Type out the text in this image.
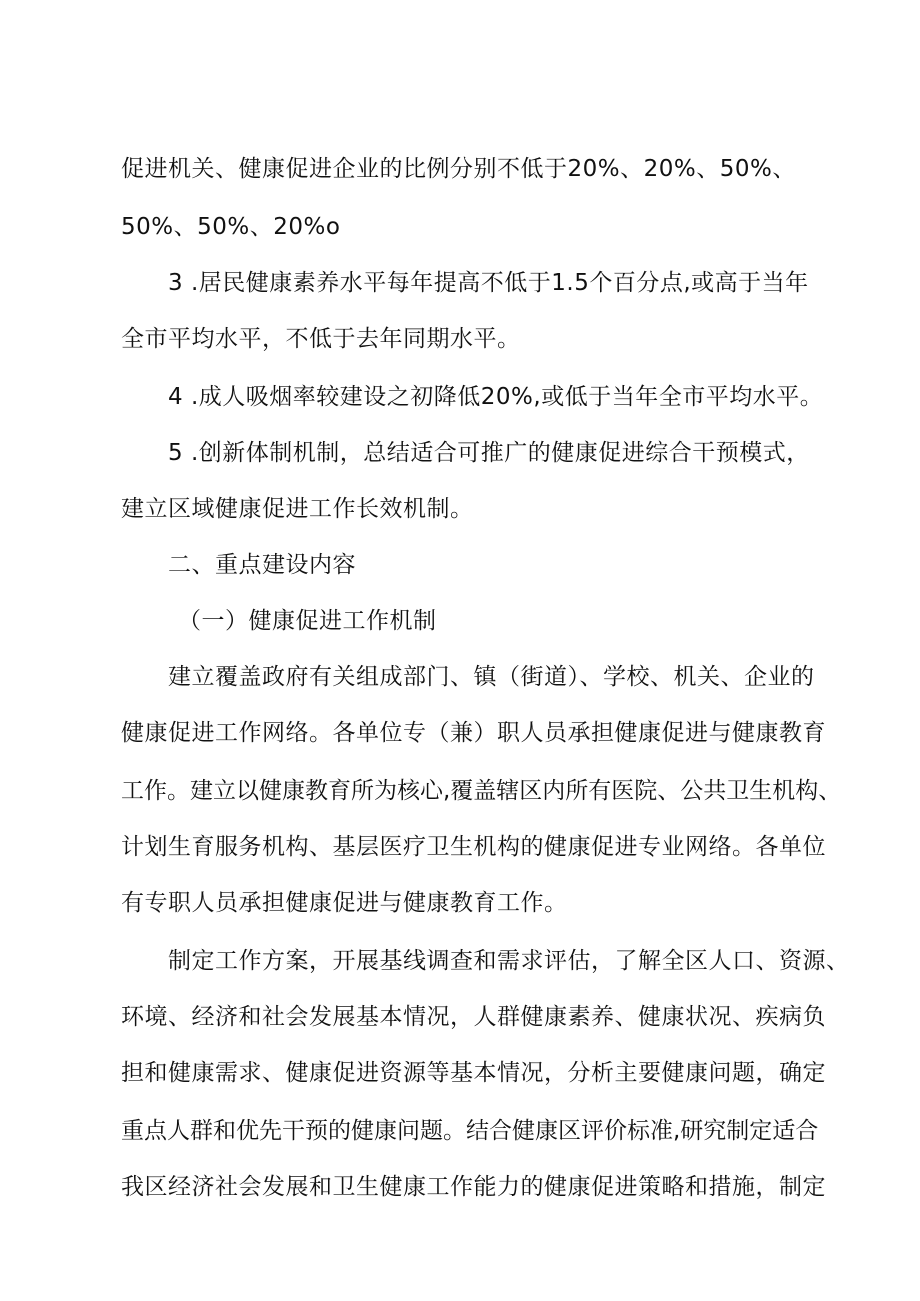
促进机关、健康促进企业的比例分别不低于20%、20%、50%、
50%、50%、20%o
3 .居民健康素养水平每年提高不低于1.5个百分点,或高于当年
全市平均水平，不低于去年同期水平。
4 .成人吸烟率较建设之初降低20%,或低于当年全市平均水平。
5 .创新体制机制，总结适合可推广的健康促进综合干预模式，
建立区域健康促进工作长效机制。
二、重点建设内容
（一）健康促进工作机制
建立覆盖政府有关组成部门、镇（街道）、学校、机关、企业的
健康促进工作网络。各单位专（兼）职人员承担健康促进与健康教育
工作。建立以健康教育所为核心,覆盖辖区内所有医院、公共卫生机构、
计划生育服务机构、基层医疗卫生机构的健康促进专业网络。各单位
有专职人员承担健康促进与健康教育工作。
制定工作方案，开展基线调查和需求评估，了解全区人口、资源、
环境、经济和社会发展基本情况，人群健康素养、健康状况、疾病负
担和健康需求、健康促进资源等基本情况，分析主要健康问题，确定
重点人群和优先干预的健康问题。结合健康区评价标准,研究制定适合
我区经济社会发展和卫生健康工作能力的健康促进策略和措施，制定
